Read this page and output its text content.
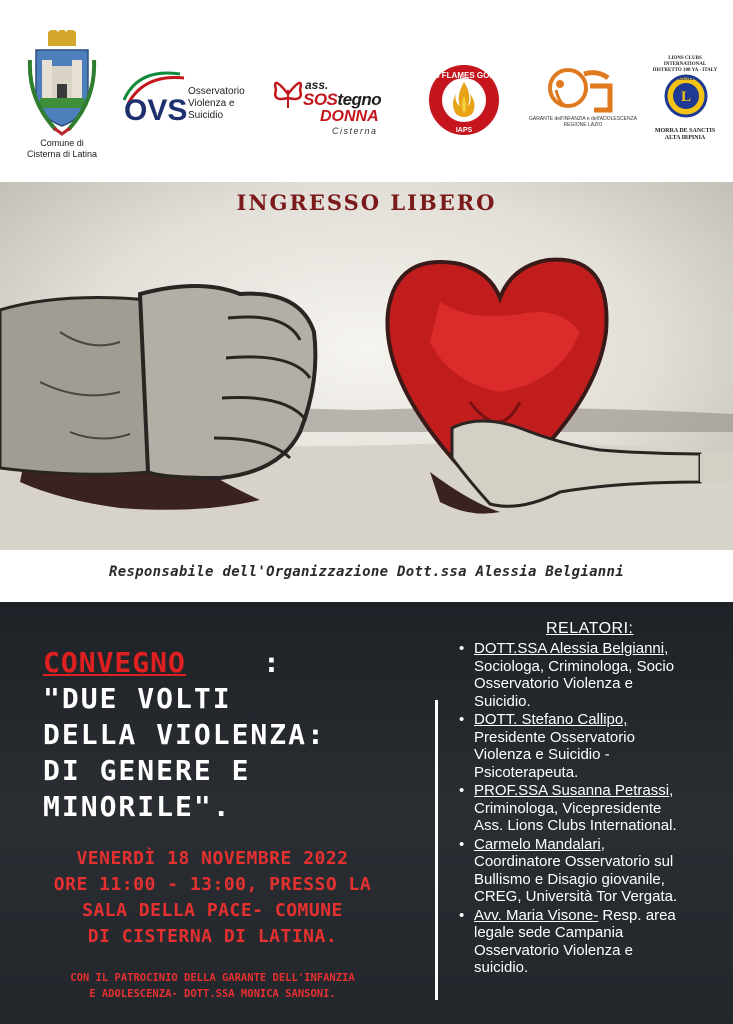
Comune di
Cisterna di Latina
OVS
Osservatorio
Violenza e
Suicidio
ass.
SOStegno
DONNA
Cisterna
GS FLAMES GOLD
IAPS
GARANTE dell'INFANZIA e dell'ADOLESCENZA
REGIONE LAZIO
LIONS CLUBS INTERNATIONAL
DISTRETTO 108 YA - ITALY
L
LIONS
MORRA DE SANCTIS
ALTA IRPINIA
INGRESSO LIBERO
Responsabile dell'Organizzazione Dott.ssa Alessia Belgianni
CONVEGNO	:
"DUE VOLTI
DELLA VIOLENZA:
DI GENERE E
MINORILE".
VENERDÌ 18 NOVEMBRE 2022
ORE 11:00 - 13:00, PRESSO LA
SALA DELLA PACE- COMUNE
DI CISTERNA DI LATINA.
CON IL PATROCINIO DELLA GARANTE DELL'INFANZIA
E ADOLESCENZA- DOTT.SSA MONICA SANSONI.
RELATORI:
• DOTT.SSA Alessia Belgianni,
Sociologa, Criminologa, Socio
Osservatorio Violenza e
Suicidio.
• DOTT. Stefano Callipo,
Presidente Osservatorio
Violenza e Suicidio -
Psicoterapeuta.
• PROF.SSA Susanna Petrassi,
Criminologa, Vicepresidente
Ass. Lions Clubs International.
• Carmelo Mandalari,
Coordinatore Osservatorio sul
Bullismo e Disagio giovanile,
CREG, Università Tor Vergata.
• Avv. Maria Visone- Resp. area
legale sede Campania
Osservatorio Violenza e
suicidio.
